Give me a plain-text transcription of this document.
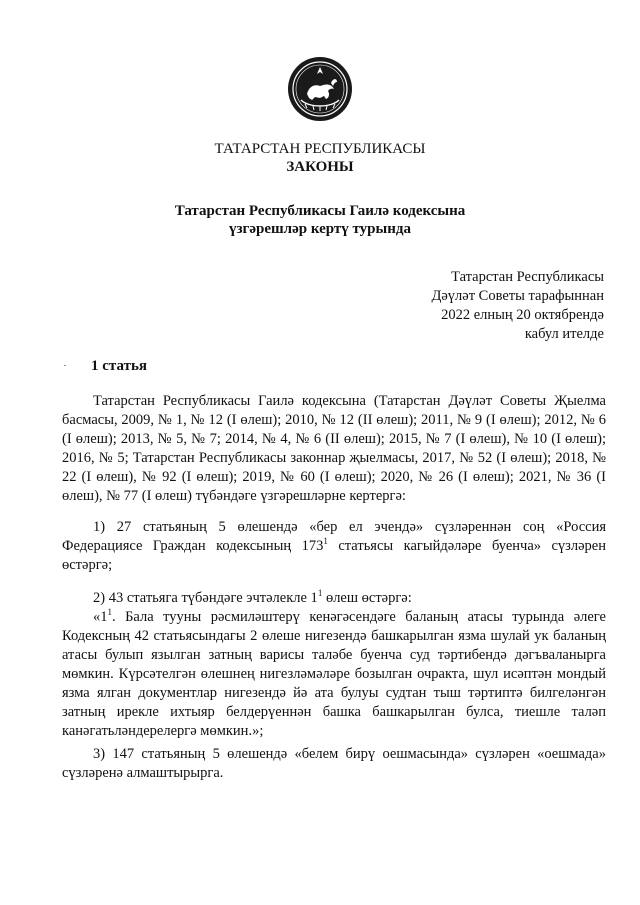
ТАТАРСТАН РЕСПУБЛИКАСЫ
ЗАКОНЫ
Татарстан Республикасы Гаилә кодексына
үзгәрешләр кертү турында
Татарстан Республикасы
Дәүләт Советы тарафыннан
2022 елның 20 октябрендә
кабул ителде
1 статья

Татарстан Республикасы Гаилә кодексына (Татарстан Дәүләт Советы Җыелма басмасы, 2009, № 1, № 12 (I өлеш); 2010, № 12 (II өлеш); 2011, № 9 (I өлеш); 2012, № 6 (I өлеш); 2013, № 5, № 7; 2014, № 4, № 6 (II өлеш); 2015, № 7 (I өлеш), № 10 (I өлеш); 2016, № 5; Татарстан Республикасы законнар җыелмасы, 2017, № 52 (I өлеш); 2018, № 22 (I өлеш), № 92 (I өлеш); 2019, № 60 (I өлеш); 2020, № 26 (I өлеш); 2021, № 36 (I өлеш), № 77 (I өлеш) түбәндәге үзгәрешләрне кертергә:

1) 27 статьяның 5 өлешендә «бер ел эчендә» сүзләреннән соң «Россия Федерациясе Граждан кодексының $173^1$ статьясы кагыйдәләре буенча» сүзләрен өстәргә;

2) 43 статьяга түбәндәге эчтәлекле $1^1$ өлеш өстәргә:

«$1^1$. Бала тууны рәсмиләштерү кенәгәсендәге баланың атасы турында әлеге Кодексның 42 статьясындагы 2 өлеше нигезендә башкарылган язма шулай ук баланың атасы булып язылган затның варисы таләбе буенча суд тәртибендә дәгъваланырга мөмкин. Күрсәтелгән өлешнең нигезләмәләре бозылган очракта, шул исәптән мондый язма ялган документлар нигезендә йә ата булуы судтан тыш тәртиптә билгеләнгән затның ирекле ихтыяр белдерүеннән башка башкарылган булса, тиешле таләп канәгатьләндерелергә мөмкин.»;

3) 147 статьяның 5 өлешендә «белем бирү оешмасында» сүзләрен «оешмада» сүзләренә алмаштырырга.
